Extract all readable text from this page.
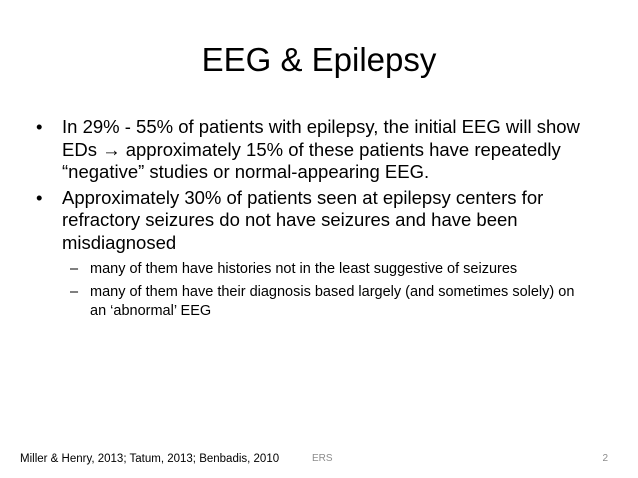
EEG & Epilepsy
• In 29% - 55% of patients with epilepsy, the initial EEG will show EDs → approximately 15% of these patients have repeatedly “negative” studies or normal-appearing EEG.
• Approximately 30% of patients seen at epilepsy centers for refractory seizures do not have seizures and have been misdiagnosed
– many of them have histories not in the least suggestive of seizures
– many of them have their diagnosis based largely (and sometimes solely) on an ‘abnormal’ EEG
Miller & Henry, 2013; Tatum, 2013; Benbadis, 2010	ERS	2
